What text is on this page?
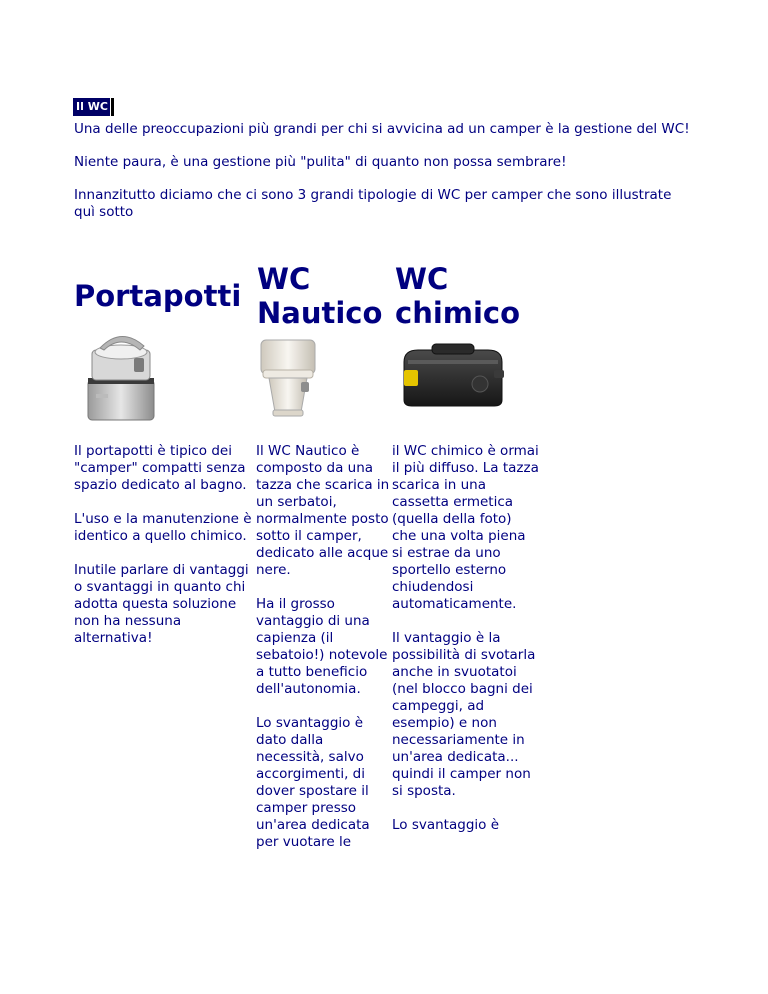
Il WC

Una delle preoccupazioni più grandi per chi si avvicina ad un camper è la gestione del WC!

Niente paura, è una gestione più "pulita" di quanto non possa sembrare!

Innanzitutto diciamo che ci sono 3 grandi tipologie di WC per camper che sono illustrate quì sotto

Portapotti WC
Nautico
WC
chimico

Il portapotti è tipico dei "camper" compatti senza spazio dedicato al bagno.

L'uso e la manutenzione è identico a quello chimico.

Inutile parlare di vantaggi o svantaggi in quanto chi adotta questa soluzione non ha nessuna alternativa!

Il WC Nautico è composto da una tazza che scarica in un serbatoi, normalmente posto sotto il camper, dedicato alle acque nere.

Ha il grosso vantaggio di una capienza (il sebatoio!) notevole a tutto beneficio dell'autonomia.

Lo svantaggio è dato dalla necessità, salvo accorgimenti, di dover spostare il camper presso un'area dedicata per vuotare le

il WC chimico è ormai il più diffuso. La tazza scarica in una cassetta ermetica (quella della foto) che una volta piena si estrae da uno sportello esterno chiudendosi automaticamente.

Il vantaggio è la possibilità di svotarla anche in svuotatoi (nel blocco bagni dei campeggi, ad esempio) e non necessariamente in un'area dedicata... quindi il camper non si sposta.

Lo svantaggio è
